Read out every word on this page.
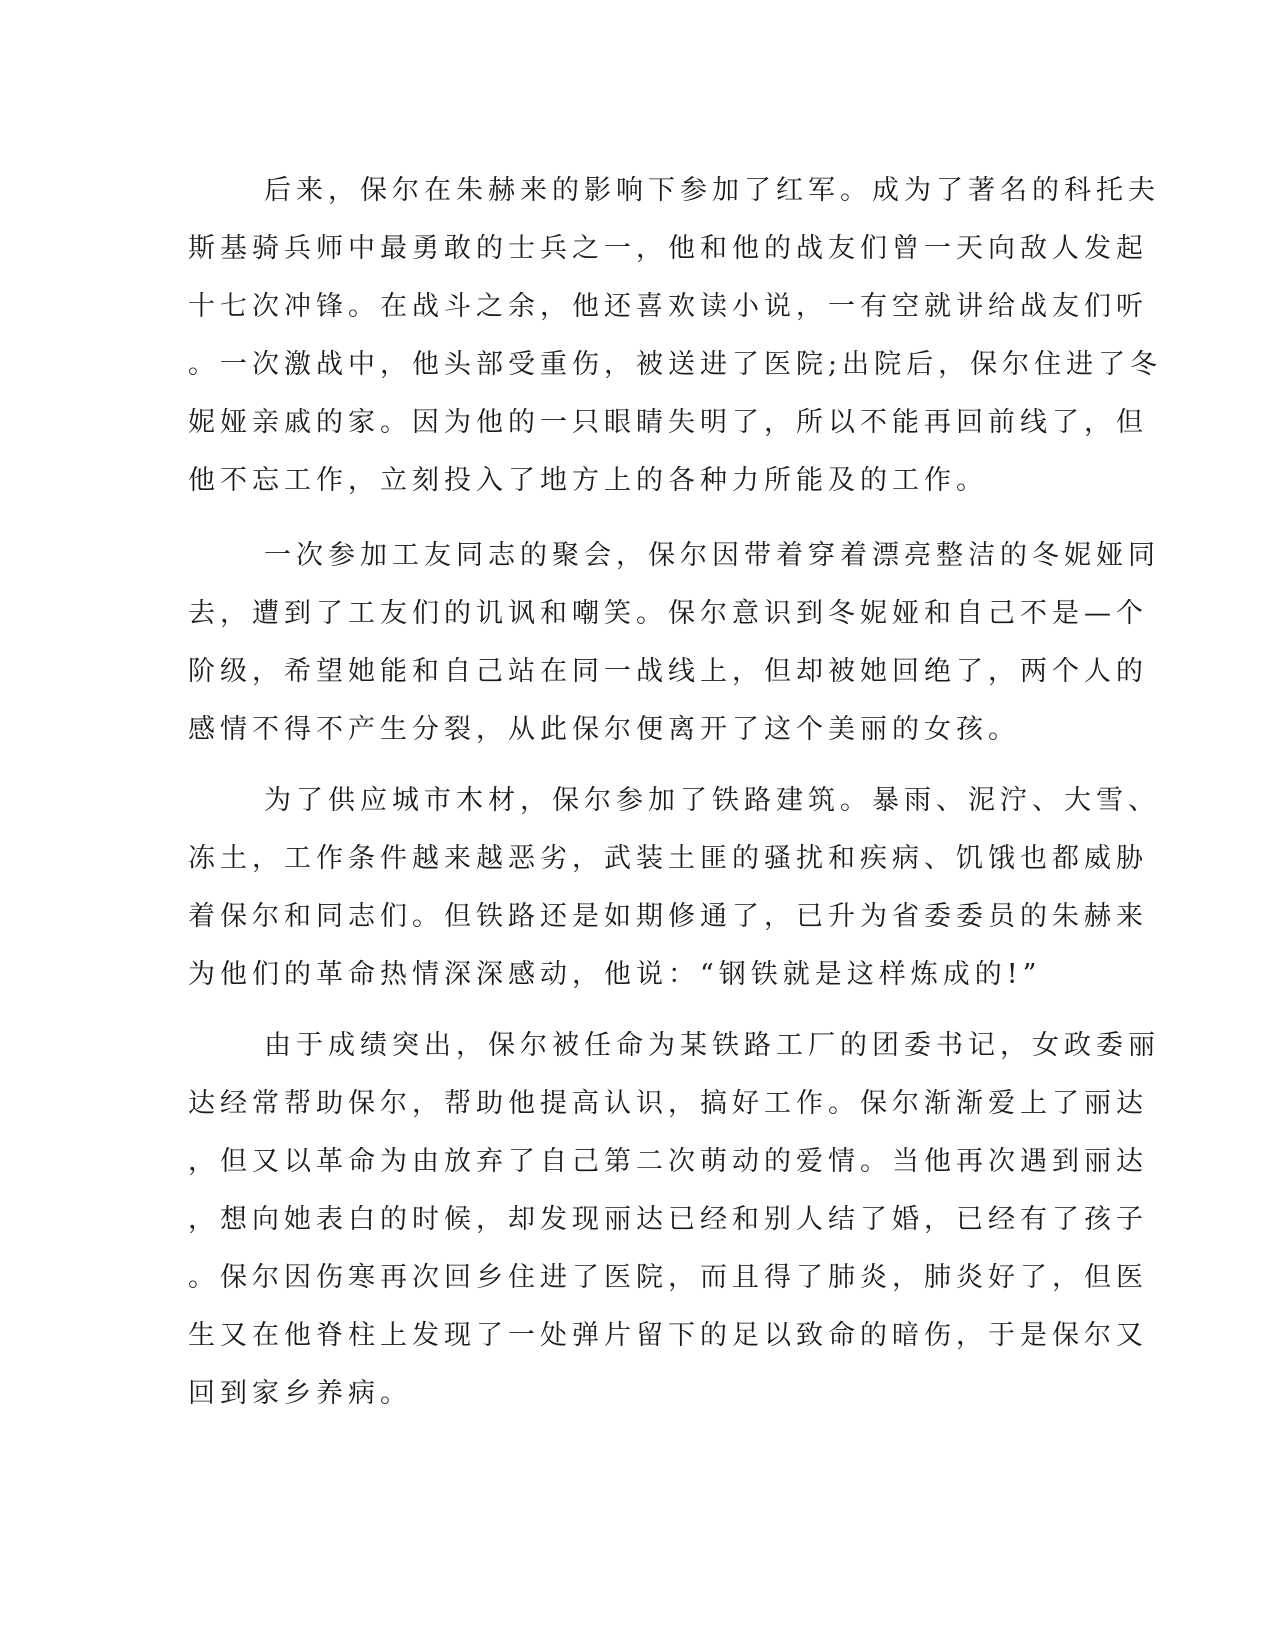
后来，保尔在朱赫来的影响下参加了红军。成为了著名的科托夫
斯基骑兵师中最勇敢的士兵之一，他和他的战友们曾一天向敌人发起
十七次冲锋。在战斗之余，他还喜欢读小说，一有空就讲给战友们听
。一次激战中，他头部受重伤，被送进了医院;出院后，保尔住进了冬
妮娅亲戚的家。因为他的一只眼睛失明了，所以不能再回前线了，但
他不忘工作，立刻投入了地方上的各种力所能及的工作。
一次参加工友同志的聚会，保尔因带着穿着漂亮整洁的冬妮娅同
去，遭到了工友们的讥讽和嘲笑。保尔意识到冬妮娅和自己不是—个
阶级，希望她能和自己站在同一战线上，但却被她回绝了，两个人的
感情不得不产生分裂，从此保尔便离开了这个美丽的女孩。
为了供应城市木材，保尔参加了铁路建筑。暴雨、泥泞、大雪、
冻土，工作条件越来越恶劣，武装土匪的骚扰和疾病、饥饿也都威胁
着保尔和同志们。但铁路还是如期修通了，已升为省委委员的朱赫来
为他们的革命热情深深感动，他说：“钢铁就是这样炼成的!”
由于成绩突出，保尔被任命为某铁路工厂的团委书记，女政委丽
达经常帮助保尔，帮助他提高认识，搞好工作。保尔渐渐爱上了丽达
，但又以革命为由放弃了自己第二次萌动的爱情。当他再次遇到丽达
，想向她表白的时候，却发现丽达已经和别人结了婚，已经有了孩子
。保尔因伤寒再次回乡住进了医院，而且得了肺炎，肺炎好了，但医
生又在他脊柱上发现了一处弹片留下的足以致命的暗伤，于是保尔又
回到家乡养病。
